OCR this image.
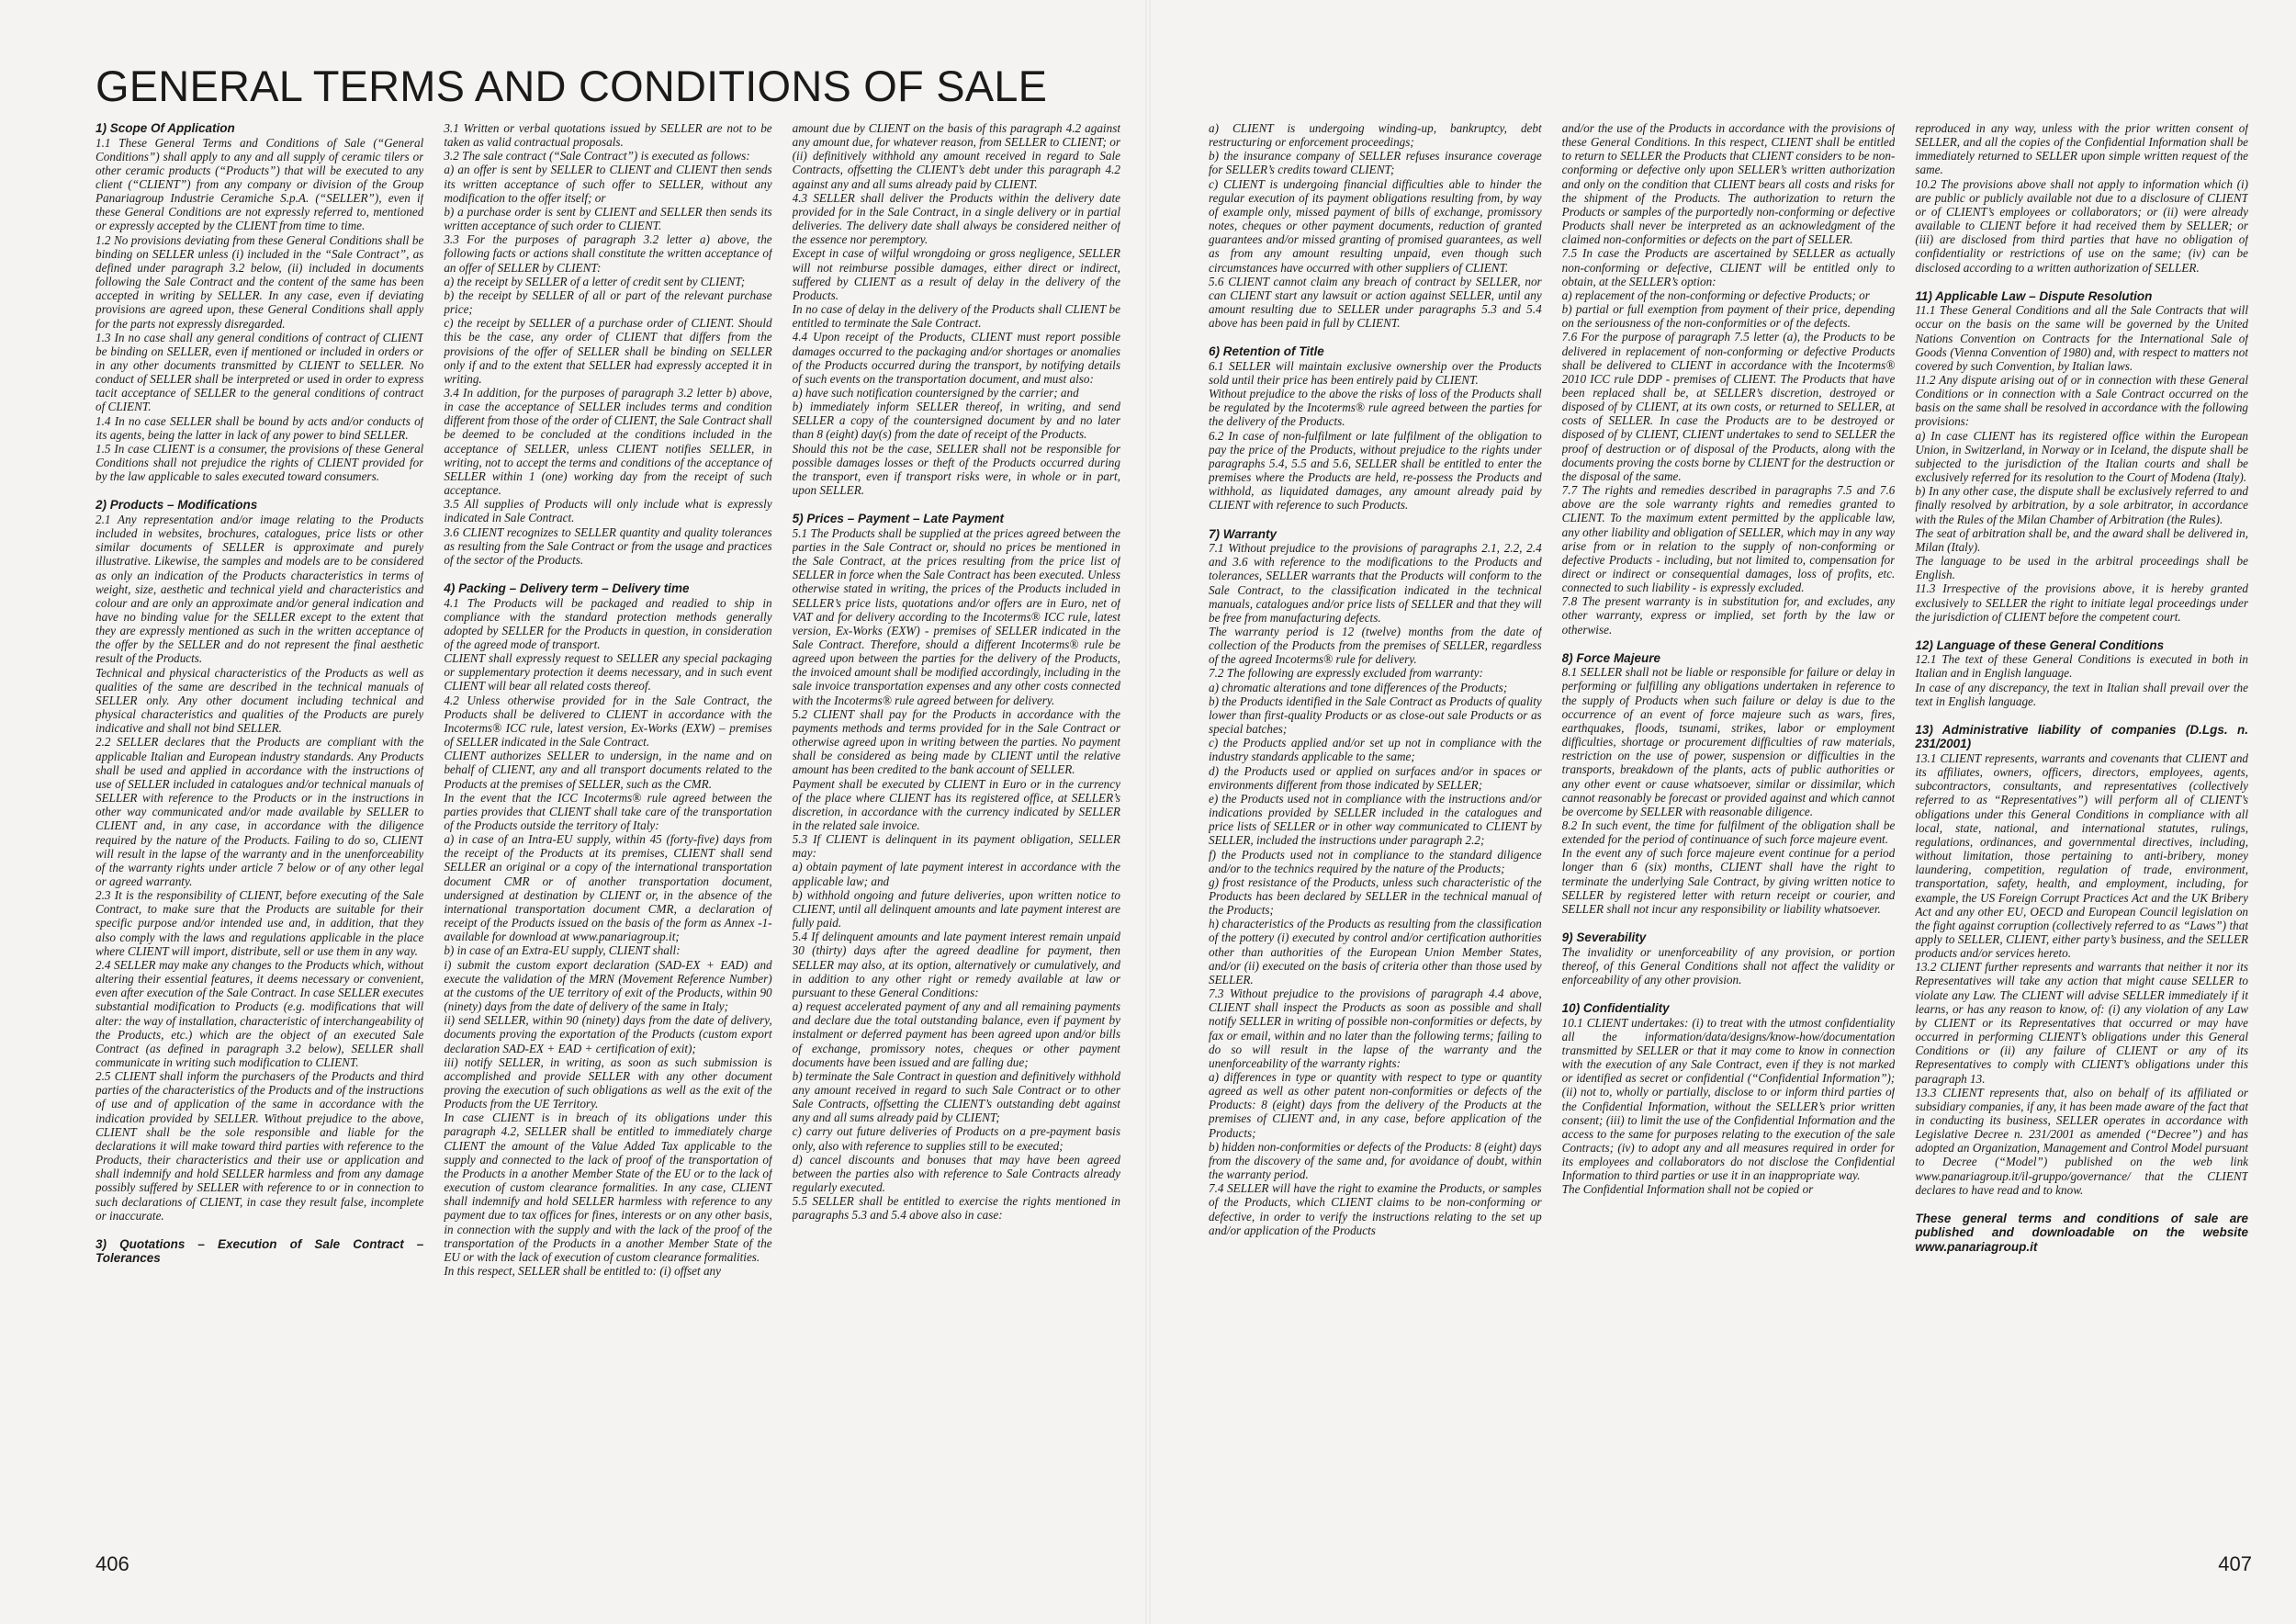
GENERAL TERMS AND CONDITIONS OF SALE
1) Scope Of Application

1.1 These General Terms and Conditions of Sale (“General Conditions”) shall apply to any and all supply of ceramic tilers or other ceramic products (“Products”) that will be executed to any client (“CLIENT”) from any company or division of the Group Panariagroup Industrie Ceramiche S.p.A. (“SELLER”), even if these General Conditions are not expressly referred to, mentioned or expressly accepted by the CLIENT from time to time.

1.2 No provisions deviating from these General Conditions shall be binding on SELLER unless (i) included in the “Sale Contract”, as defined under paragraph 3.2 below, (ii) included in documents following the Sale Contract and the content of the same has been accepted in writing by SELLER. In any case, even if deviating provisions are agreed upon, these General Conditions shall apply for the parts not expressly disregarded.

1.3 In no case shall any general conditions of contract of CLIENT be binding on SELLER, even if mentioned or included in orders or in any other documents transmitted by CLIENT to SELLER. No conduct of SELLER shall be interpreted or used in order to express tacit acceptance of SELLER to the general conditions of contract of CLIENT.

1.4 In no case SELLER shall be bound by acts and/or conducts of its agents, being the latter in lack of any power to bind SELLER.

1.5 In case CLIENT is a consumer, the provisions of these General Conditions shall not prejudice the rights of CLIENT provided for by the law applicable to sales executed toward consumers.

2) Products – Modifications

2.1 Any representation and/or image relating to the Products included in websites, brochures, catalogues, price lists or other similar documents of SELLER is approximate and purely illustrative. Likewise, the samples and models are to be considered as only an indication of the Products characteristics in terms of weight, size, aesthetic and technical yield and characteristics and colour and are only an approximate and/or general indication and have no binding value for the SELLER except to the extent that they are expressly mentioned as such in the written acceptance of the offer by the SELLER and do not represent the final aesthetic result of the Products.

Technical and physical characteristics of the Products as well as qualities of the same are described in the technical manuals of SELLER only. Any other document including technical and physical characteristics and qualities of the Products are purely indicative and shall not bind SELLER.

2.2 SELLER declares that the Products are compliant with the applicable Italian and European industry standards. Any Products shall be used and applied in accordance with the instructions of use of SELLER included in catalogues and/or technical manuals of SELLER with reference to the Products or in the instructions in other way communicated and/or made available by SELLER to CLIENT and, in any case, in accordance with the diligence required by the nature of the Products. Failing to do so, CLIENT will result in the lapse of the warranty and in the unenforceability of the warranty rights under article 7 below or of any other legal or agreed warranty.

2.3 It is the responsibility of CLIENT, before executing of the Sale Contract, to make sure that the Products are suitable for their specific purpose and/or intended use and, in addition, that they also comply with the laws and regulations applicable in the place where CLIENT will import, distribute, sell or use them in any way.

2.4 SELLER may make any changes to the Products which, without altering their essential features, it deems necessary or convenient, even after execution of the Sale Contract. In case SELLER executes substantial modification to Products (e.g. modifications that will alter: the way of installation, characteristic of interchangeability of the Products, etc.) which are the object of an executed Sale Contract (as defined in paragraph 3.2 below), SELLER shall communicate in writing such modification to CLIENT.

2.5 CLIENT shall inform the purchasers of the Products and third parties of the characteristics of the Products and of the instructions of use and of application of the same in accordance with the indication provided by SELLER. Without prejudice to the above, CLIENT shall be the sole responsible and liable for the declarations it will make toward third parties with reference to the Products, their characteristics and their use or application and shall indemnify and hold SELLER harmless and from any damage possibly suffered by SELLER with reference to or in connection to such declarations of CLIENT, in case they result false, incomplete or inaccurate.

3) Quotations – Execution of Sale Contract – Tolerances

3.1 Written or verbal quotations issued by SELLER are not to be taken as valid contractual proposals.

3.2 The sale contract (“Sale Contract”) is executed as follows:

a) an offer is sent by SELLER to CLIENT and CLIENT then sends its written acceptance of such offer to SELLER, without any modification to the offer itself; or

b) a purchase order is sent by CLIENT and SELLER then sends its written acceptance of such order to CLIENT.

3.3 For the purposes of paragraph 3.2 letter a) above, the following facts or actions shall constitute the written acceptance of an offer of SELLER by CLIENT:

a) the receipt by SELLER of a letter of credit sent by CLIENT;

b) the receipt by SELLER of all or part of the relevant purchase price;

c) the receipt by SELLER of a purchase order of CLIENT. Should this be the case, any order of CLIENT that differs from the provisions of the offer of SELLER shall be binding on SELLER only if and to the extent that SELLER had expressly accepted it in writing.

3.4 In addition, for the purposes of paragraph 3.2 letter b) above, in case the acceptance of SELLER includes terms and condition different from those of the order of CLIENT, the Sale Contract shall be deemed to be concluded at the conditions included in the acceptance of SELLER, unless CLIENT notifies SELLER, in writing, not to accept the terms and conditions of the acceptance of SELLER within 1 (one) working day from the receipt of such acceptance.

3.5 All supplies of Products will only include what is expressly indicated in Sale Contract.

3.6 CLIENT recognizes to SELLER quantity and quality tolerances as resulting from the Sale Contract or from the usage and practices of the sector of the Products.

4) Packing – Delivery term – Delivery time

4.1 The Products will be packaged and readied to ship in compliance with the standard protection methods generally adopted by SELLER for the Products in question, in consideration of the agreed mode of transport.

CLIENT shall expressly request to SELLER any special packaging or supplementary protection it deems necessary, and in such event CLIENT will bear all related costs thereof.

4.2 Unless otherwise provided for in the Sale Contract, the Products shall be delivered to CLIENT in accordance with the Incoterms® ICC rule, latest version, Ex-Works (EXW) – premises of SELLER indicated in the Sale Contract.

CLIENT authorizes SELLER to undersign, in the name and on behalf of CLIENT, any and all transport documents related to the Products at the premises of SELLER, such as the CMR.

In the event that the ICC Incoterms® rule agreed between the parties provides that CLIENT shall take care of the transportation of the Products outside the territory of Italy:

a) in case of an Intra-EU supply, within 45 (forty-five) days from the receipt of the Products at its premises, CLIENT shall send SELLER an original or a copy of the international transportation document CMR or of another transportation document, undersigned at destination by CLIENT or, in the absence of the international transportation document CMR, a declaration of receipt of the Products issued on the basis of the form as Annex -1- available for download at www.panariagroup.it;

b) in case of an Extra-EU supply, CLIENT shall:

i) submit the custom export declaration (SAD-EX + EAD) and execute the validation of the MRN (Movement Reference Number) at the customs of the UE territory of exit of the Products, within 90 (ninety) days from the date of delivery of the same in Italy;

ii) send SELLER, within 90 (ninety) days from the date of delivery, documents proving the exportation of the Products (custom export declaration SAD-EX + EAD + certification of exit);

iii) notify SELLER, in writing, as soon as such submission is accomplished and provide SELLER with any other document proving the execution of such obligations as well as the exit of the Products from the UE Territory.

In case CLIENT is in breach of its obligations under this paragraph 4.2, SELLER shall be entitled to immediately charge CLIENT the amount of the Value Added Tax applicable to the supply and connected to the lack of proof of the transportation of the Products in a another Member State of the EU or to the lack of execution of custom clearance formalities. In any case, CLIENT shall indemnify and hold SELLER harmless with reference to any payment due to tax offices for fines, interests or on any other basis, in connection with the supply and with the lack of the proof of the transportation of the Products in a another Member State of the EU or with the lack of execution of custom clearance formalities.

In this respect, SELLER shall be entitled to: (i) offset any

amount due by CLIENT on the basis of this paragraph 4.2 against any amount due, for whatever reason, from SELLER to CLIENT; or (ii) definitively withhold any amount received in regard to Sale Contracts, offsetting the CLIENT’s debt under this paragraph 4.2 against any and all sums already paid by CLIENT.

4.3 SELLER shall deliver the Products within the delivery date provided for in the Sale Contract, in a single delivery or in partial deliveries. The delivery date shall always be considered neither of the essence nor peremptory.

Except in case of wilful wrongdoing or gross negligence, SELLER will not reimburse possible damages, either direct or indirect, suffered by CLIENT as a result of delay in the delivery of the Products.

In no case of delay in the delivery of the Products shall CLIENT be entitled to terminate the Sale Contract.

4.4 Upon receipt of the Products, CLIENT must report possible damages occurred to the packaging and/or shortages or anomalies of the Products occurred during the transport, by notifying details of such events on the transportation document, and must also:

a) have such notification countersigned by the carrier; and

b) immediately inform SELLER thereof, in writing, and send SELLER a copy of the countersigned document by and no later than 8 (eight) day(s) from the date of receipt of the Products.

Should this not be the case, SELLER shall not be responsible for possible damages losses or theft of the Products occurred during the transport, even if transport risks were, in whole or in part, upon SELLER.

5) Prices – Payment – Late Payment

5.1 The Products shall be supplied at the prices agreed between the parties in the Sale Contract or, should no prices be mentioned in the Sale Contract, at the prices resulting from the price list of SELLER in force when the Sale Contract has been executed. Unless otherwise stated in writing, the prices of the Products included in SELLER’s price lists, quotations and/or offers are in Euro, net of VAT and for delivery according to the Incoterms® ICC rule, latest version, Ex-Works (EXW) - premises of SELLER indicated in the Sale Contract. Therefore, should a different Incoterms® rule be agreed upon between the parties for the delivery of the Products, the invoiced amount shall be modified accordingly, including in the sale invoice transportation expenses and any other costs connected with the Incoterms® rule agreed between for delivery.

5.2 CLIENT shall pay for the Products in accordance with the payments methods and terms provided for in the Sale Contract or otherwise agreed upon in writing between the parties. No payment shall be considered as being made by CLIENT until the relative amount has been credited to the bank account of SELLER.

Payment shall be executed by CLIENT in Euro or in the currency of the place where CLIENT has its registered office, at SELLER’s discretion, in accordance with the currency indicated by SELLER in the related sale invoice.

5.3 If CLIENT is delinquent in its payment obligation, SELLER may:

a) obtain payment of late payment interest in accordance with the applicable law; and

b) withhold ongoing and future deliveries, upon written notice to CLIENT, until all delinquent amounts and late payment interest are fully paid.

5.4 If delinquent amounts and late payment interest remain unpaid 30 (thirty) days after the agreed deadline for payment, then SELLER may also, at its option, alternatively or cumulatively, and in addition to any other right or remedy available at law or pursuant to these General Conditions:

a) request accelerated payment of any and all remaining payments and declare due the total outstanding balance, even if payment by instalment or deferred payment has been agreed upon and/or bills of exchange, promissory notes, cheques or other payment documents have been issued and are falling due;

b) terminate the Sale Contract in question and definitively withhold any amount received in regard to such Sale Contract or to other Sale Contracts, offsetting the CLIENT’s outstanding debt against any and all sums already paid by CLIENT;

c) carry out future deliveries of Products on a pre-payment basis only, also with reference to supplies still to be executed;

d) cancel discounts and bonuses that may have been agreed between the parties also with reference to Sale Contracts already regularly executed.

5.5 SELLER shall be entitled to exercise the rights mentioned in paragraphs 5.3 and 5.4 above also in case:

406

a) CLIENT is undergoing winding-up, bankruptcy, debt restructuring or enforcement proceedings;

b) the insurance company of SELLER refuses insurance coverage for SELLER’s credits toward CLIENT;

c) CLIENT is undergoing financial difficulties able to hinder the regular execution of its payment obligations resulting from, by way of example only, missed payment of bills of exchange, promissory notes, cheques or other payment documents, reduction of granted guarantees and/or missed granting of promised guarantees, as well as from any amount resulting unpaid, even though such circumstances have occurred with other suppliers of CLIENT.

5.6 CLIENT cannot claim any breach of contract by SELLER, nor can CLIENT start any lawsuit or action against SELLER, until any amount resulting due to SELLER under paragraphs 5.3 and 5.4 above has been paid in full by CLIENT.

6) Retention of Title

6.1 SELLER will maintain exclusive ownership over the Products sold until their price has been entirely paid by CLIENT.

Without prejudice to the above the risks of loss of the Products shall be regulated by the Incoterms® rule agreed between the parties for the delivery of the Products.

6.2 In case of non-fulfilment or late fulfilment of the obligation to pay the price of the Products, without prejudice to the rights under paragraphs 5.4, 5.5 and 5.6, SELLER shall be entitled to enter the premises where the Products are held, re-possess the Products and withhold, as liquidated damages, any amount already paid by CLIENT with reference to such Products.

7) Warranty

7.1 Without prejudice to the provisions of paragraphs 2.1, 2.2, 2.4 and 3.6 with reference to the modifications to the Products and tolerances, SELLER warrants that the Products will conform to the Sale Contract, to the classification indicated in the technical manuals, catalogues and/or price lists of SELLER and that they will be free from manufacturing defects.

The warranty period is 12 (twelve) months from the date of collection of the Products from the premises of SELLER, regardless of the agreed Incoterms® rule for delivery.

7.2 The following are expressly excluded from warranty:

a) chromatic alterations and tone differences of the Products;

b) the Products identified in the Sale Contract as Products of quality lower than first-quality Products or as close-out sale Products or as special batches;

c) the Products applied and/or set up not in compliance with the industry standards applicable to the same;

d) the Products used or applied on surfaces and/or in spaces or environments different from those indicated by SELLER;

e) the Products used not in compliance with the instructions and/or indications provided by SELLER included in the catalogues and price lists of SELLER or in other way communicated to CLIENT by SELLER, included the instructions under paragraph 2.2;

f) the Products used not in compliance to the standard diligence and/or to the technics required by the nature of the Products;

g) frost resistance of the Products, unless such characteristic of the Products has been declared by SELLER in the technical manual of the Products;

h) characteristics of the Products as resulting from the classification of the pottery (i) executed by control and/or certification authorities other than authorities of the European Union Member States, and/or (ii) executed on the basis of criteria other than those used by SELLER.

7.3 Without prejudice to the provisions of paragraph 4.4 above, CLIENT shall inspect the Products as soon as possible and shall notify SELLER in writing of possible non-conformities or defects, by fax or email, within and no later than the following terms; failing to do so will result in the lapse of the warranty and the unenforceability of the warranty rights:

a) differences in type or quantity with respect to type or quantity agreed as well as other patent non-conformities or defects of the Products: 8 (eight) days from the delivery of the Products at the premises of CLIENT and, in any case, before application of the Products;

b) hidden non-conformities or defects of the Products: 8 (eight) days from the discovery of the same and, for avoidance of doubt, within the warranty period.

7.4 SELLER will have the right to examine the Products, or samples of the Products, which CLIENT claims to be non-conforming or defective, in order to verify the instructions relating to the set up and/or application of the Products

and/or the use of the Products in accordance with the provisions of these General Conditions. In this respect, CLIENT shall be entitled to return to SELLER the Products that CLIENT considers to be non-conforming or defective only upon SELLER’s written authorization and only on the condition that CLIENT bears all costs and risks for the shipment of the Products. The authorization to return the Products or samples of the purportedly non-conforming or defective Products shall never be interpreted as an acknowledgment of the claimed non-conformities or defects on the part of SELLER.

7.5 In case the Products are ascertained by SELLER as actually non-conforming or defective, CLIENT will be entitled only to obtain, at the SELLER’s option:

a) replacement of the non-conforming or defective Products; or

b) partial or full exemption from payment of their price, depending on the seriousness of the non-conformities or of the defects.

7.6 For the purpose of paragraph 7.5 letter (a), the Products to be delivered in replacement of non-conforming or defective Products shall be delivered to CLIENT in accordance with the Incoterms® 2010 ICC rule DDP - premises of CLIENT. The Products that have been replaced shall be, at SELLER’s discretion, destroyed or disposed of by CLIENT, at its own costs, or returned to SELLER, at costs of SELLER. In case the Products are to be destroyed or disposed of by CLIENT, CLIENT undertakes to send to SELLER the proof of destruction or of disposal of the Products, along with the documents proving the costs borne by CLIENT for the destruction or the disposal of the same.

7.7 The rights and remedies described in paragraphs 7.5 and 7.6 above are the sole warranty rights and remedies granted to CLIENT. To the maximum extent permitted by the applicable law, any other liability and obligation of SELLER, which may in any way arise from or in relation to the supply of non-conforming or defective Products - including, but not limited to, compensation for direct or indirect or consequential damages, loss of profits, etc. connected to such liability - is expressly excluded.

7.8 The present warranty is in substitution for, and excludes, any other warranty, express or implied, set forth by the law or otherwise.

8) Force Majeure

8.1 SELLER shall not be liable or responsible for failure or delay in performing or fulfilling any obligations undertaken in reference to the supply of Products when such failure or delay is due to the occurrence of an event of force majeure such as wars, fires, earthquakes, floods, tsunami, strikes, labor or employment difficulties, shortage or procurement difficulties of raw materials, restriction on the use of power, suspension or difficulties in the transports, breakdown of the plants, acts of public authorities or any other event or cause whatsoever, similar or dissimilar, which cannot reasonably be forecast or provided against and which cannot be overcome by SELLER with reasonable diligence.

8.2 In such event, the time for fulfilment of the obligation shall be extended for the period of continuance of such force majeure event.

In the event any of such force majeure event continue for a period longer than 6 (six) months, CLIENT shall have the right to terminate the underlying Sale Contract, by giving written notice to SELLER by registered letter with return receipt or courier, and SELLER shall not incur any responsibility or liability whatsoever.

9) Severability

The invalidity or unenforceability of any provision, or portion thereof, of this General Conditions shall not affect the validity or enforceability of any other provision.

10) Confidentiality

10.1 CLIENT undertakes: (i) to treat with the utmost confidentiality all the information/data/designs/know-how/documentation transmitted by SELLER or that it may come to know in connection with the execution of any Sale Contract, even if they is not marked or identified as secret or confidential (“Confidential Information”); (ii) not to, wholly or partially, disclose to or inform third parties of the Confidential Information, without the SELLER’s prior written consent; (iii) to limit the use of the Confidential Information and the access to the same for purposes relating to the execution of the sale Contracts; (iv) to adopt any and all measures required in order for its employees and collaborators do not disclose the Confidential Information to third parties or use it in an inappropriate way.

The Confidential Information shall not be copied or

reproduced in any way, unless with the prior written consent of SELLER, and all the copies of the Confidential Information shall be immediately returned to SELLER upon simple written request of the same.

10.2 The provisions above shall not apply to information which (i) are public or publicly available not due to a disclosure of CLIENT or of CLIENT’s employees or collaborators; or (ii) were already available to CLIENT before it had received them by SELLER; or (iii) are disclosed from third parties that have no obligation of confidentiality or restrictions of use on the same; (iv) can be disclosed according to a written authorization of SELLER.

11) Applicable Law – Dispute Resolution

11.1 These General Conditions and all the Sale Contracts that will occur on the basis on the same will be governed by the United Nations Convention on Contracts for the International Sale of Goods (Vienna Convention of 1980) and, with respect to matters not covered by such Convention, by Italian laws.

11.2 Any dispute arising out of or in connection with these General Conditions or in connection with a Sale Contract occurred on the basis on the same shall be resolved in accordance with the following provisions:

a) In case CLIENT has its registered office within the European Union, in Switzerland, in Norway or in Iceland, the dispute shall be subjected to the jurisdiction of the Italian courts and shall be exclusively referred for its resolution to the Court of Modena (Italy).

b) In any other case, the dispute shall be exclusively referred to and finally resolved by arbitration, by a sole arbitrator, in accordance with the Rules of the Milan Chamber of Arbitration (the Rules).

The seat of arbitration shall be, and the award shall be delivered in, Milan (Italy).

The language to be used in the arbitral proceedings shall be English.

11.3 Irrespective of the provisions above, it is hereby granted exclusively to SELLER the right to initiate legal proceedings under the jurisdiction of CLIENT before the competent court.

12) Language of these General Conditions

12.1 The text of these General Conditions is executed in both in Italian and in English language.

In case of any discrepancy, the text in Italian shall prevail over the text in English language.

13) Administrative liability of companies (D.Lgs. n. 231/2001)

13.1 CLIENT represents, warrants and covenants that CLIENT and its affiliates, owners, officers, directors, employees, agents, subcontractors, consultants, and representatives (collectively referred to as “Representatives”) will perform all of CLIENT’s obligations under this General Conditions in compliance with all local, state, national, and international statutes, rulings, regulations, ordinances, and governmental directives, including, without limitation, those pertaining to anti-bribery, money laundering, competition, regulation of trade, environment, transportation, safety, health, and employment, including, for example, the US Foreign Corrupt Practices Act and the UK Bribery Act and any other EU, OECD and European Council legislation on the fight against corruption (collectively referred to as “Laws”) that apply to SELLER, CLIENT, either party’s business, and the SELLER products and/or services hereto.

13.2 CLIENT further represents and warrants that neither it nor its Representatives will take any action that might cause SELLER to violate any Law. The CLIENT will advise SELLER immediately if it learns, or has any reason to know, of: (i) any violation of any Law by CLIENT or its Representatives that occurred or may have occurred in performing CLIENT’s obligations under this General Conditions or (ii) any failure of CLIENT or any of its Representatives to comply with CLIENT’s obligations under this paragraph 13.

13.3 CLIENT represents that, also on behalf of its affiliated or subsidiary companies, if any, it has been made aware of the fact that in conducting its business, SELLER operates in accordance with Legislative Decree n. 231/2001 as amended (“Decree”) and has adopted an Organization, Management and Control Model pursuant to Decree (“Model”) published on the web link www.panariagroup.it/il-gruppo/governance/ that the CLIENT declares to have read and to know.

These general terms and conditions of sale are published and downloadable on the website www.panariagroup.it

407
